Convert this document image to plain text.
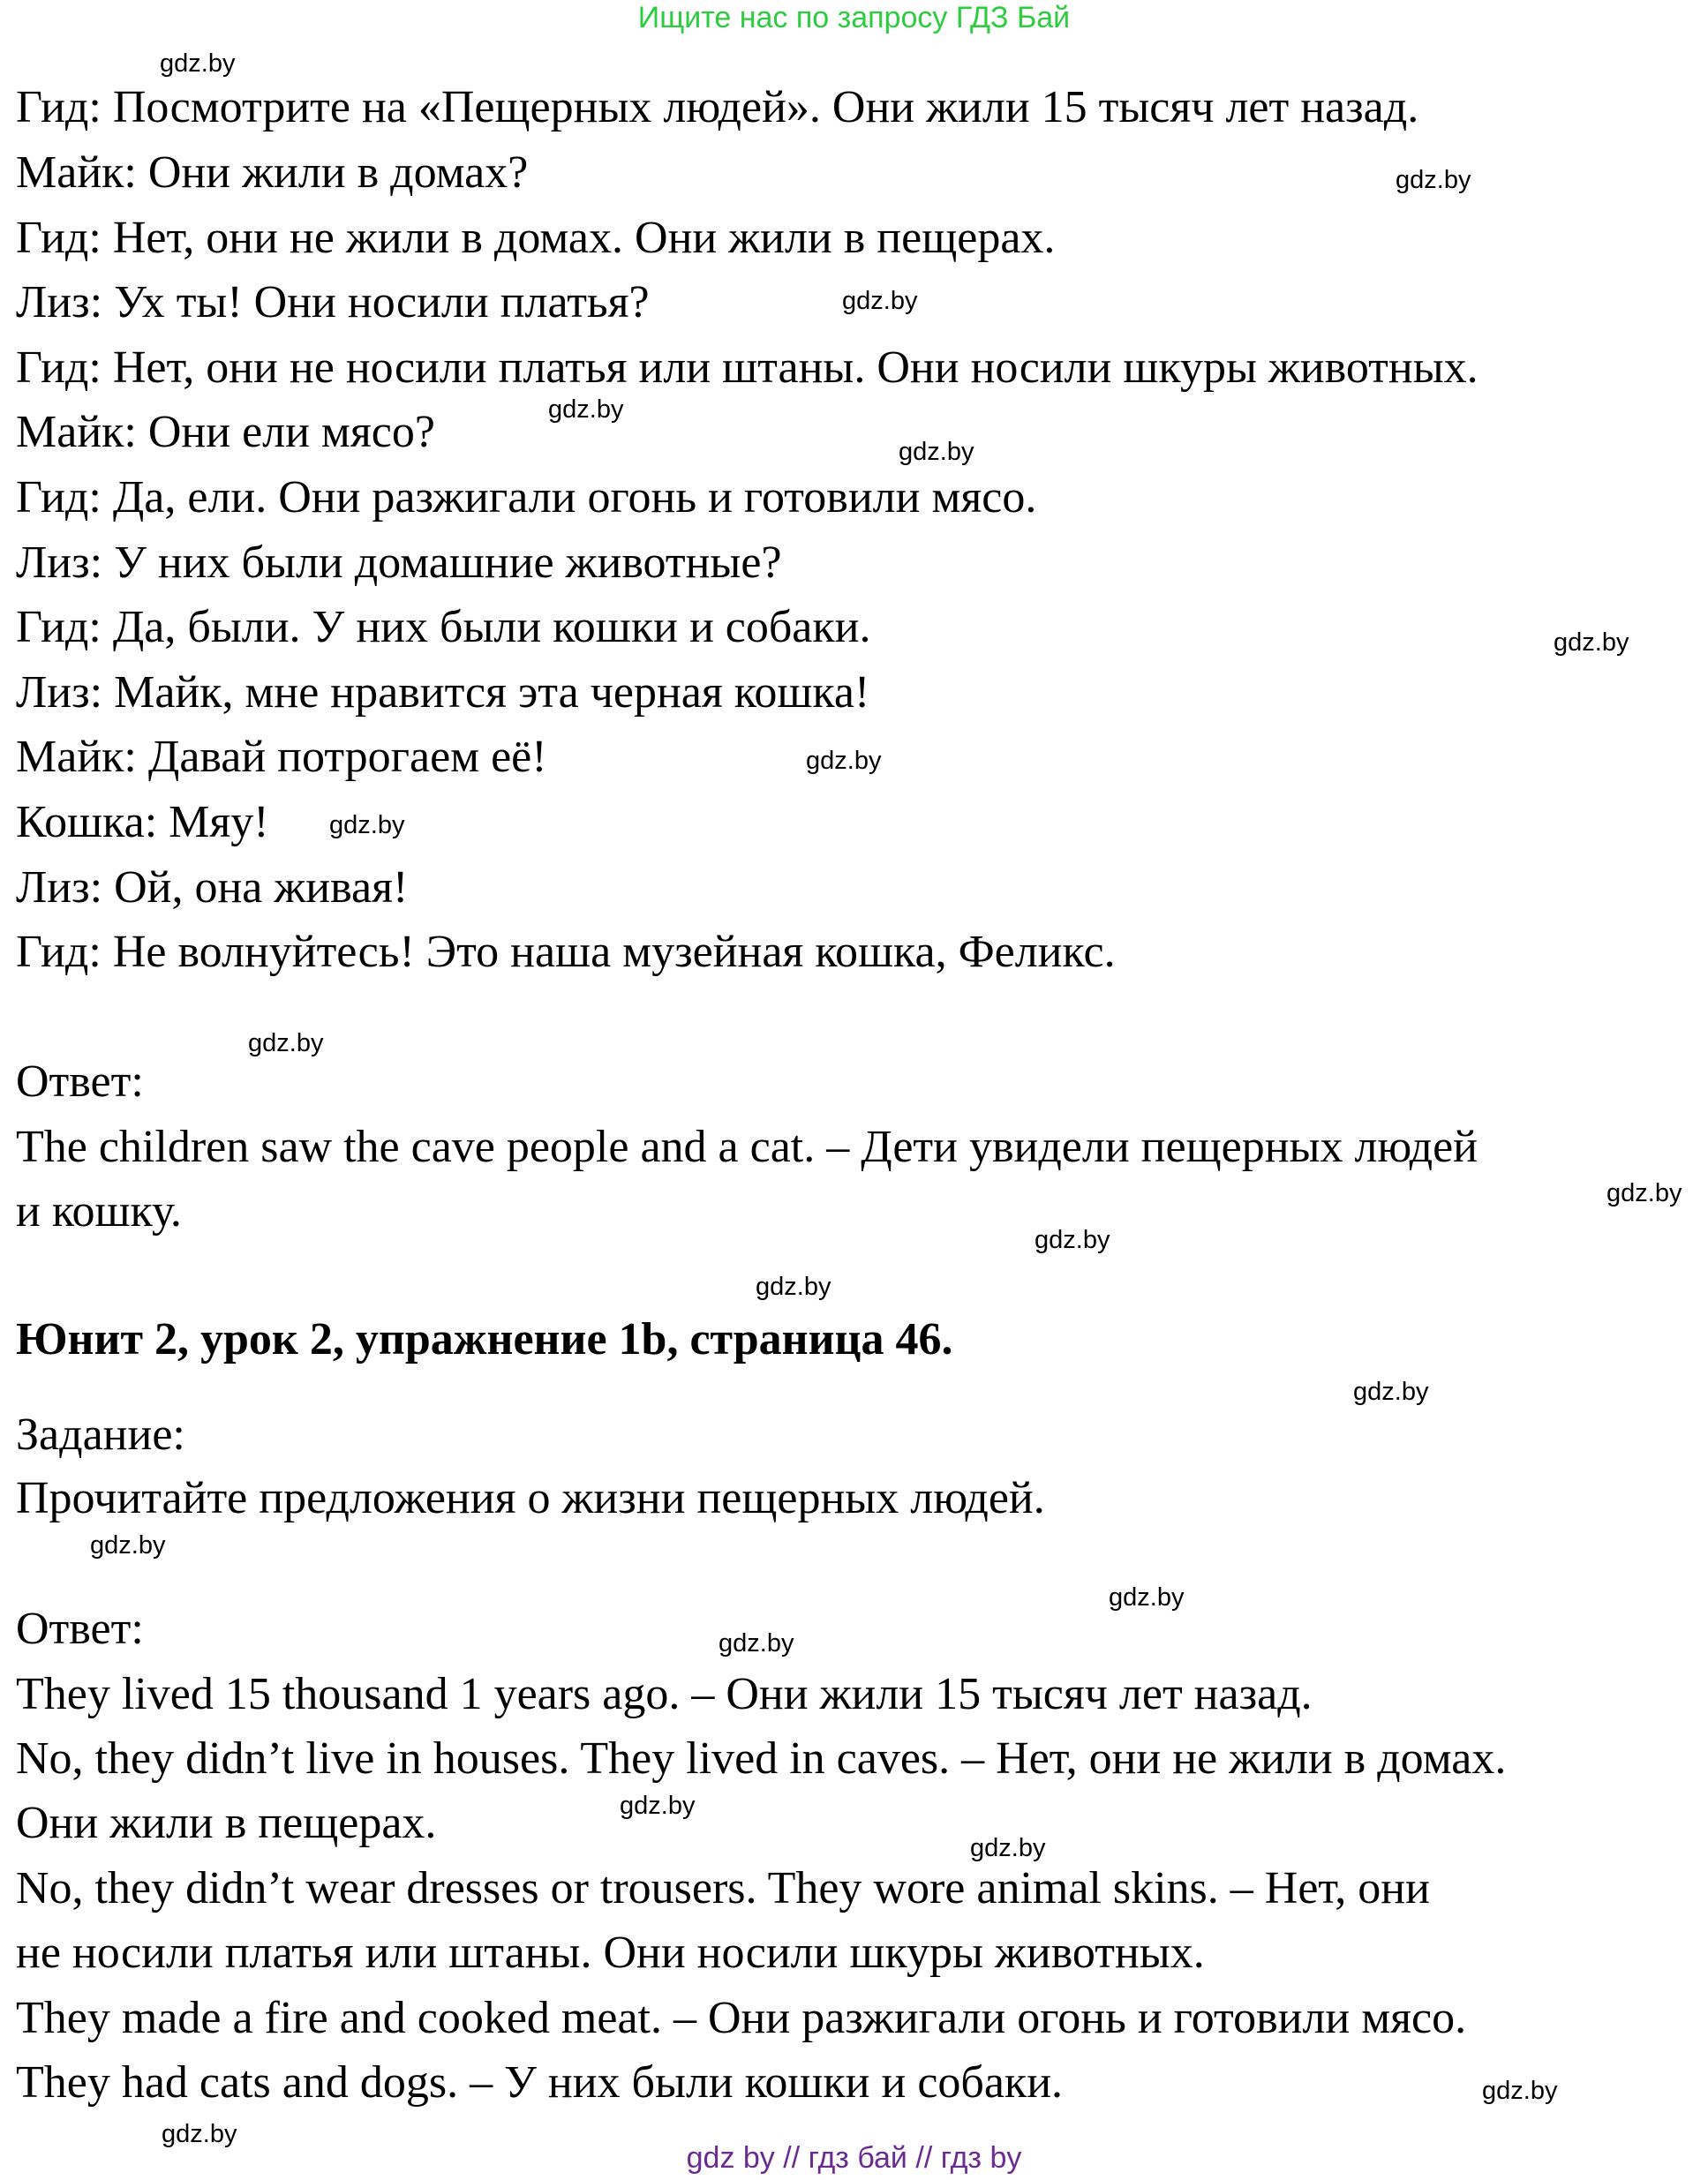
Ищите нас по запросу ГДЗ Бай
Гид: Посмотрите на «Пещерных людей». Они жили 15 тысяч лет назад.
Майк: Они жили в домах?
Гид: Нет, они не жили в домах. Они жили в пещерах.
Лиз: Ух ты! Они носили платья?
Гид: Нет, они не носили платья или штаны. Они носили шкуры животных.
Майк: Они ели мясо?
Гид: Да, ели. Они разжигали огонь и готовили мясо.
Лиз: У них были домашние животные?
Гид: Да, были. У них были кошки и собаки.
Лиз: Майк, мне нравится эта черная кошка!
Майк: Давай потрогаем её!
Кошка: Мяу!
Лиз: Ой, она живая!
Гид: Не волнуйтесь! Это наша музейная кошка, Феликс.
Ответ:
The children saw the cave people and a cat. – Дети увидели пещерных людей
и кошку.
Юнит 2, урок 2, упражнение 1b, страница 46.
Задание:
Прочитайте предложения о жизни пещерных людей.
Ответ:
They lived 15 thousand 1 years ago. – Они жили 15 тысяч лет назад.
No, they didn’t live in houses. They lived in caves. – Нет, они не жили в домах.
Они жили в пещерах.
No, they didn’t wear dresses or trousers. They wore animal skins. – Нет, они
не носили платья или штаны. Они носили шкуры животных.
They made a fire and cooked meat. – Они разжигали огонь и готовили мясо.
They had cats and dogs. – У них были кошки и собаки.
gdz.by
gdz.by
gdz.by
gdz.by
gdz.by
gdz.by
gdz.by
gdz.by
gdz.by
gdz.by
gdz.by
gdz.by
gdz.by
gdz.by
gdz.by
gdz.by
gdz.by
gdz.by
gdz.by
gdz.by
gdz by // гдз бай // гдз by
